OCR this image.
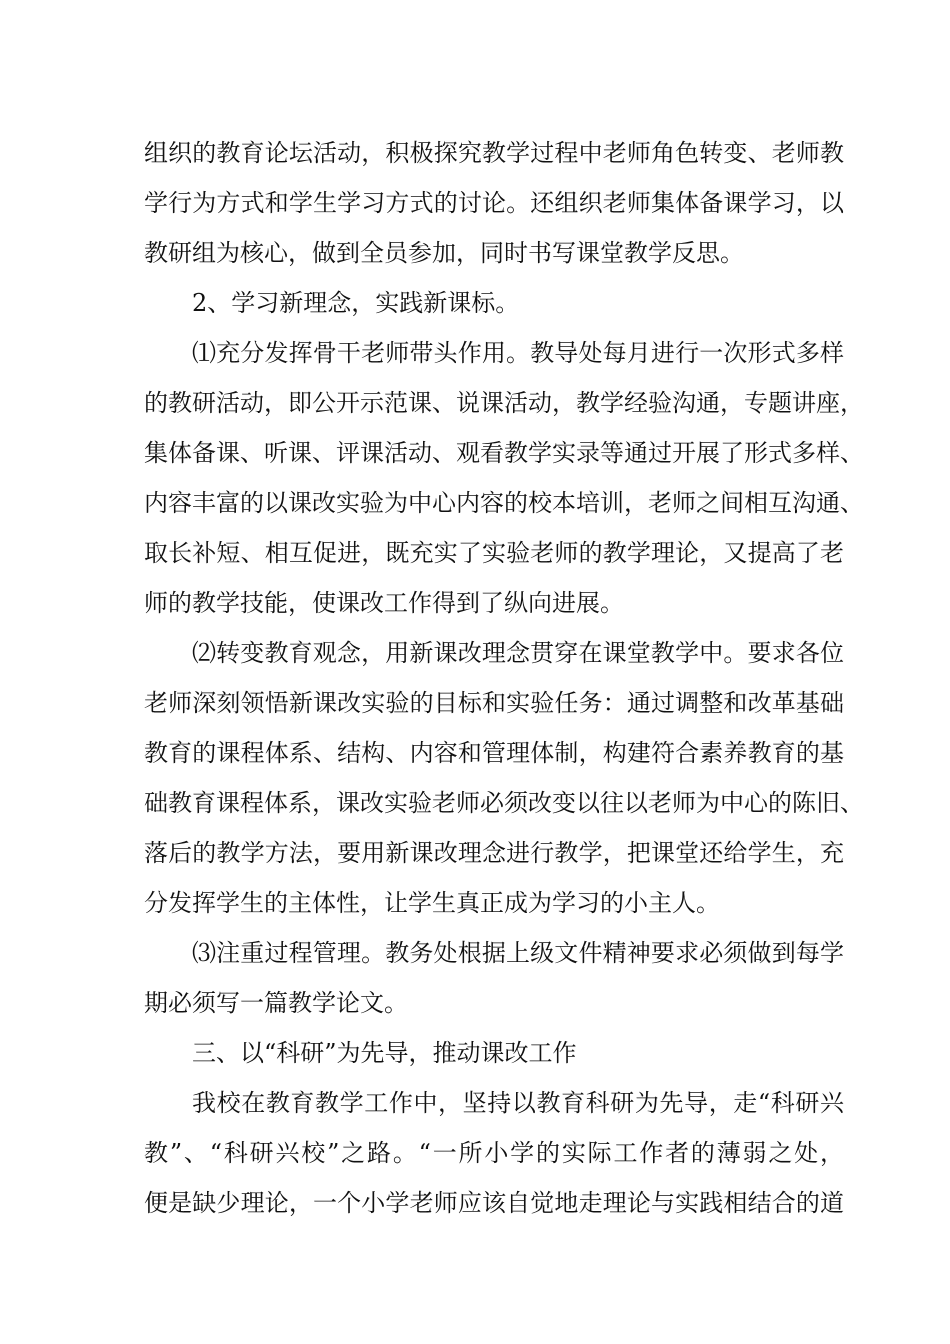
组织的教育论坛活动，积极探究教学过程中老师角色转变、老师教
学行为方式和学生学习方式的讨论。还组织老师集体备课学习，以
教研组为核心，做到全员参加，同时书写课堂教学反思。
2、学习新理念，实践新课标。
⑴充分发挥骨干老师带头作用。教导处每月进行一次形式多样
的教研活动，即公开示范课、说课活动，教学经验沟通，专题讲座，
集体备课、听课、评课活动、观看教学实录等通过开展了形式多样、
内容丰富的以课改实验为中心内容的校本培训，老师之间相互沟通、
取长补短、相互促进，既充实了实验老师的教学理论，又提高了老
师的教学技能，使课改工作得到了纵向进展。
⑵转变教育观念，用新课改理念贯穿在课堂教学中。要求各位
老师深刻领悟新课改实验的目标和实验任务：通过调整和改革基础
教育的课程体系、结构、内容和管理体制，构建符合素养教育的基
础教育课程体系，课改实验老师必须改变以往以老师为中心的陈旧、
落后的教学方法，要用新课改理念进行教学，把课堂还给学生，充
分发挥学生的主体性，让学生真正成为学习的小主人。
⑶注重过程管理。教务处根据上级文件精神要求必须做到每学
期必须写一篇教学论文。
三、以“科研”为先导，推动课改工作
我校在教育教学工作中，坚持以教育科研为先导，走“科研兴
教”、“科研兴校”之路。“一所小学的实际工作者的薄弱之处，
便是缺少理论，一个小学老师应该自觉地走理论与实践相结合的道
